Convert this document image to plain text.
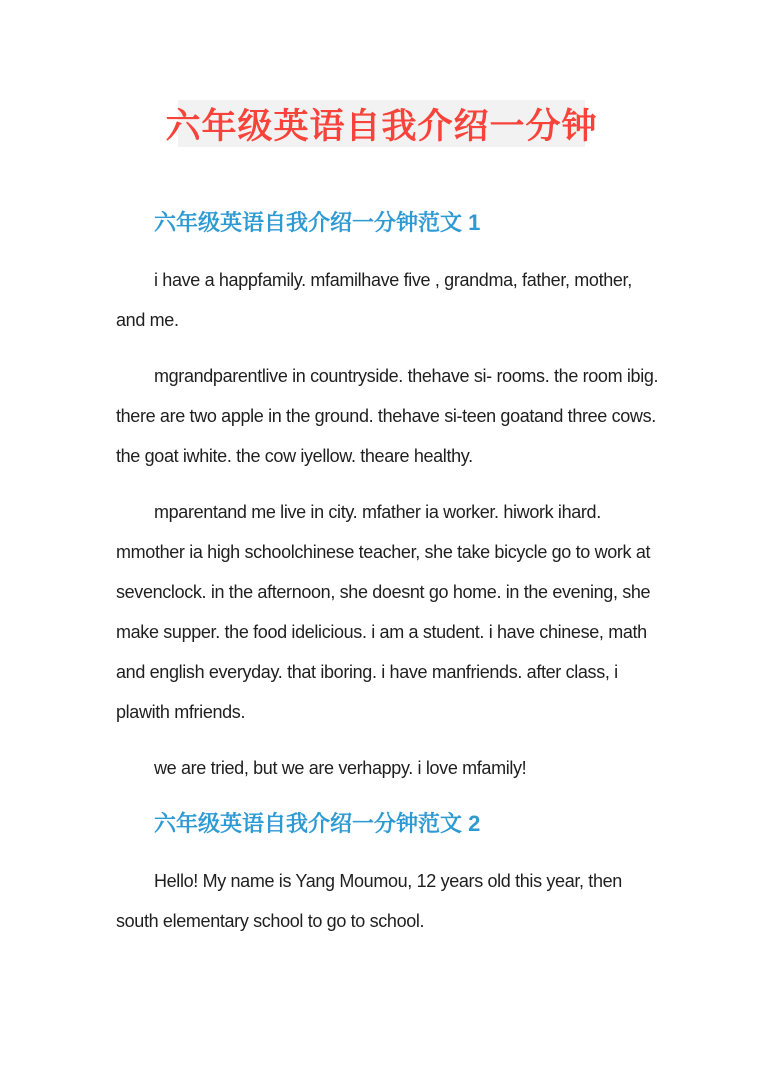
六年级英语自我介绍一分钟

六年级英语自我介绍一分钟范文 1

i have a happfamily. mfamilhave five , grandma, father, mother, and me.

mgrandparentlive in countryside. thehave si- rooms. the room ibig. there are two apple in the ground. thehave si-teen goatand three cows. the goat iwhite. the cow iyellow. theare healthy.

mparentand me live in city. mfather ia worker. hiwork ihard. mmother ia high schoolchinese teacher, she take bicycle go to work at sevenclock. in the afternoon, she doesnt go home. in the evening, she make supper. the food idelicious. i am a student. i have chinese, math and english everyday. that iboring. i have manfriends. after class, i plawith mfriends.

we are tried, but we are verhappy. i love mfamily!

六年级英语自我介绍一分钟范文 2

Hello! My name is Yang Moumou, 12 years old this year, then south elementary school to go to school.
